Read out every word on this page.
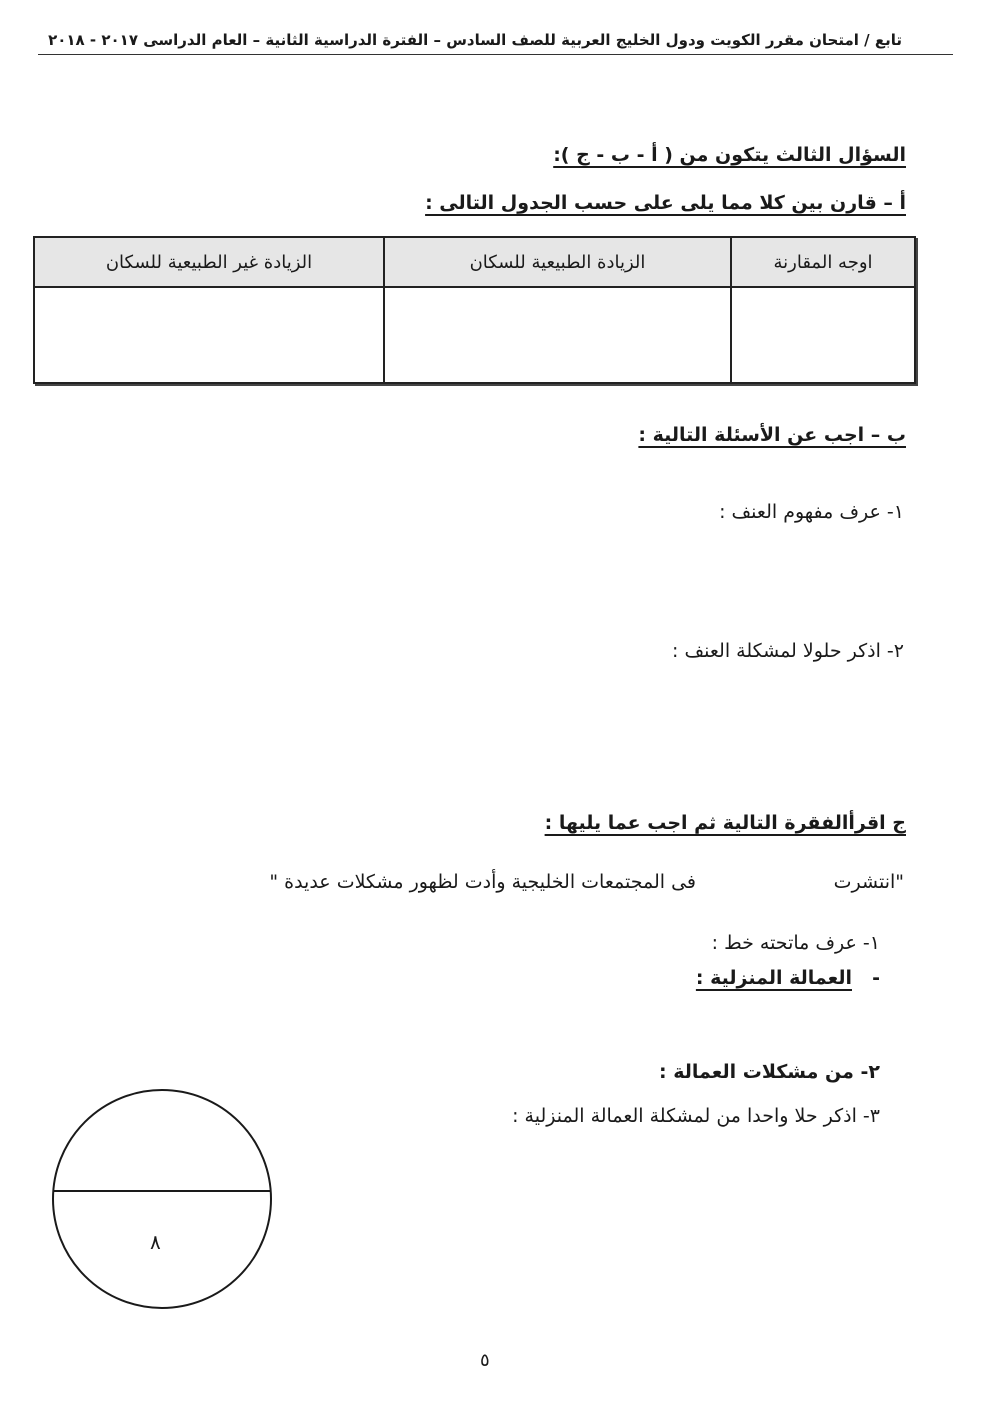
تابع / امتحان مقرر الكويت ودول الخليج العربية للصف السادس – الفترة الدراسية الثانية – العام الدراسى ٢٠١٧ - ٢٠١٨
السؤال الثالث يتكون من ( أ - ب - ج ):
أ – قارن بين كلا مما يلى على حسب الجدول التالى :
اوجه المقارنة	الزيادة الطبيعية للسكان	الزيادة غير الطبيعية للسكان

ب – اجب عن الأسئلة التالية :
١- عرف مفهوم العنف :
٢- اذكر حلولا لمشكلة العنف :
ج اقرأالفقرة التالية ثم اجب عما يليها :
"انتشرت
فى المجتمعات الخليجية وأدت لظهور مشكلات عديدة "
١- عرف ماتحته خط :
-
العمالة المنزلية :
٢- من مشكلات العمالة :
٣- اذكر حلا واحدا من لمشكلة العمالة المنزلية :
٨
٥
